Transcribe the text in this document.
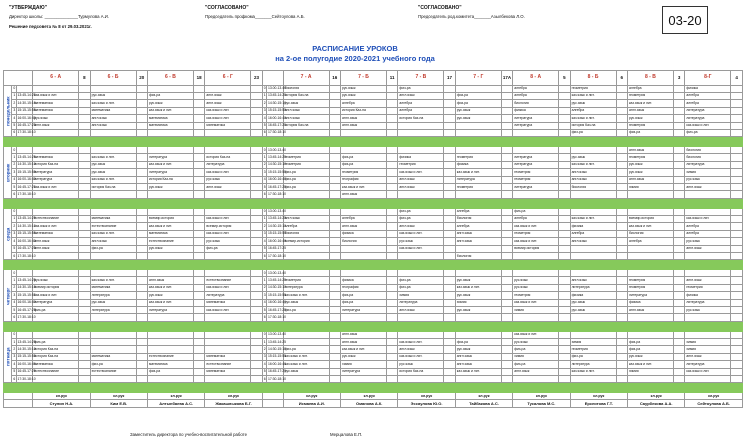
"УТВЕРЖДАЮ"
Директор школы: ______________Турмулова А.И.
Решение педсовета № 8 от 29.03.2021г.
"СОГЛАСОВАНО"
Председатель профкома_______Сейтоулова А.Б.
"СОГЛАСОВАНО"
Председатель род.комитета_______Азылбекова Л.О.	03-20
РАСПИСАНИЕ УРОКОВ
на 2-ое полугодие 2020-2021 учебного года
			6 - А	8	6 - Б	20	6 - В	18	6 - Г	23			7 - А	16	7 - Б	11	7 - В	17	7 - Г	17А	8 - А	5	8 - Б	6	8 - В	3	8-Г	4
понедельник	0										0	13.00-13.40	биология		рус.язык		физ-ра				алгебра		геометрия		алгебра		физика	
	1	13:45-14:25	каз.язык и лит.		рус.язык		физ-ра		англ.язык		1	13:45-14:25	история Каз-на		рус.язык		англ.язык		физ-ра		алгебра		каз.язык и лит.		геометрия		алгебра	
	2	14:30-15:10	математика		каз.язык и лит.		рус.язык		англ.язык		2	14:30-15:10	рус.язык		алгебра		алгебра		физ-ра		биология		рус.язык		каз.язык и лит.		алгебра	
	3	15:15-15:55	математика		математика		каз.язык и лит.		каз.язык и лит.		3	15:15-15:55	англ.язык		история Каз-на		алгебра		рус.язык		физика		алгебра		англ.язык		литература	
	4	16:00-16:40	рус.язык		англ.язык		математика		каз.язык и лит.		4	16:00-16:40	англ.язык		англ.язык		история Каз-на		рус.язык		литература		каз.язык и лит.		рус.язык		литература	
	5	16:45-17:25	англ.язык		англ.язык		математика		математика		5	16:45-17:25	история Каз-на		англ.язык						литература		история Каз-на		геометрия		каз.язык и лит.	
	6	17:30-18:10									6	17:30-18:10											физ-ра		физ-ра		физ-ра	

вторник	0										0	13.00-13.40													англ.язык		биология	
	1	13:45-14:25	математика		каз.язык и лит.		литература		история Каз-на		1	13:45-14:25	геометрия		физ-ра		физика		геометрия		литература		рус.язык		геометрия		биология	
	2	14:30-15:10	история Каз-на		рус.язык		каз.язык и лит.		литература		2	14:30-15:10	геометрия		физ-ра		геометрия		физика		литература		каз.язык и лит.		рус.язык		литература	
	3	15:15-15:55	литература		рус.язык		литература		каз.язык и лит.		3	15:15-15:55	физ-ра		геометрия		каз.язык и лит.		каз.язык и лит.		геометрия		англ.язык		рус.язык		химия	
	4	16:00-16:40	литература		каз.язык и лит.		история Каз-на		рус.язык		4	16:00-16:40	физ-ра		география		англ.язык		литература		геометрия		англ.язык		англ.язык		рус.язык	
	5	16:45-17:25	каз.язык и лит.		история Каз-на		рус.язык		англ.язык		5	16:45-17:25	физ-ра		каз.язык и лит.		англ.язык		геометрия		литература		биология		химия		англ.язык	
	6	17:30-18:10									6	17:30-18:10			англ.язык													

среда	0										0	13.00-13.40					физ-ра		алгебра		физ-ра							
	1	13:45-14:25	естествознание		математика		всемир.история		каз.язык и лит.		1	13:45-14:25	англ.язык		алгебра		физ-ра		биология		алгебра		каз.язык и лит.		всемир.история		каз.язык и лит.	
	2	14:30-15:10	каз.язык и лит.		естествознание		каз.язык и лит.		всемир.история		2	14:30-15:10	алгебра		англ.язык		англ.язык		алгебра		каз.язык и лит.		физика		каз.язык и лит.		алгебра	
	3	15:15-15:55	математика		каз.язык и лит.		математика		каз.язык и лит.		3	15:15-15:55	биология		физика		каз.язык и лит.		англ.язык		геометрия		алгебра		биология		алгебра	
	4	16:00-16:40	англ.язык		англ.язык		естествознание		рус.язык		4	16:00-16:40	всемир.история		биология		рус.язык		англ.язык		каз.язык и лит.		англ.язык		алгебра		рус.язык	
	5	16:45-17:25	англ.язык		физ-ра		рус.язык		физ-ра		5	16:45-17:25					каз.язык и лит.				всемир.история						англ.язык	
	6	17:30-18:10									6	17:30-18:10							биология									

четверг	0										0	13.00-13.40																
	1	13:45-14:25	рус.язык		каз.язык и лит.		англ.язык		естествознание		1	13:45-14:25	геометрия		физика		физ-ра		рус.язык		рус.язык		англ.язык		геометрия		англ.язык	
	2	14:30-15:10	всемир.история		математика		каз.язык и лит.		каз.язык и лит.		2	14:30-15:10	литература		география		физ-ра		каз.язык и лит.		рус.язык		литература		геометрия		геометрия	
	3	15:15-15:55	каз.язык и лит.		литература		рус.язык		литература		3	15:15-15:55	каз.язык и лит.		физ-ра		химия		рус.язык		геометрия		физика		литература		физика	
	4	16:00-16:40	литература		рус.язык		каз.язык и лит.		математика		4	16:00-16:40	рус.язык		физ-ра		литература		химия		каз.язык и лит.		рус.язык		физика		литература	
	5	16:45-17:25	физ-ра		литература		литература		каз.язык и лит.		5	16:45-17:25	физ-ра		литература		англ.язык		рус.язык		химия		рус.язык		англ.язык		рус.язык	
	6	17:30-18:10									6	17:30-18:10																

пятница	0										0	13.00-13.40			англ.язык						каз.язык и лит.							
	1	13:45-14:25	физ-ра								1	13:45-14:25			англ.язык		каз.язык и лит.		физ-ра		рус.язык		химия		физ-ра		химия	
	2	14:30-15:10	история Каз-на								2	14:30-15:10	физ-ра		каз.язык и лит.		англ.язык		рус.язык		физ-ра		геометрия		физ-ра		химия	
	3	15:15-15:55	история Каз-на		математика		естествознание		математика		3	15:15-15:55	каз.язык и лит.		рус.язык		каз.язык и лит.		англ.язык		химия		физ-ра		рус.язык		англ.язык	
	4	16:00-16:40	математика		физ-ра		математика		естествознание		4	16:00-16:40	каз.язык и лит.		химия		рус.язык		англ.язык		физ-ра		литература		каз.язык и лит.		литература	
	5	16:45-17:25	естествознание		естествознание		физ-ра		математика		5	16:45-17:25	рус.язык		литература		история Каз-на		каз.язык и лит.		англ.язык		каз.язык и лит.		химия		каз.язык и лит.	
	6	17:30-18:10									6	17:30-18:10																

			кл.рук		кл.рук		кл.рук		кл.рук				кл.рук		кл.рук		кл.рук		кл.рук		кл.рук		кл.рук		кл.рук		кл.рук	
			Стулин Н.А.		Ким Е.В.		Алтынбаева А.С.		Жакашлыкова Б.Г.				Исмаева А.И.		Оманова А.К.		Эссаулова Ю.О.		Тайбакова А.С.		Тусалова М.С.		Ерсеитова Г.Т.		Саурбекова А.А.		Сейтоулова А.Б.	
Заместитель директора по учебно-воспитательной работе	Мерцалова Е.П.
